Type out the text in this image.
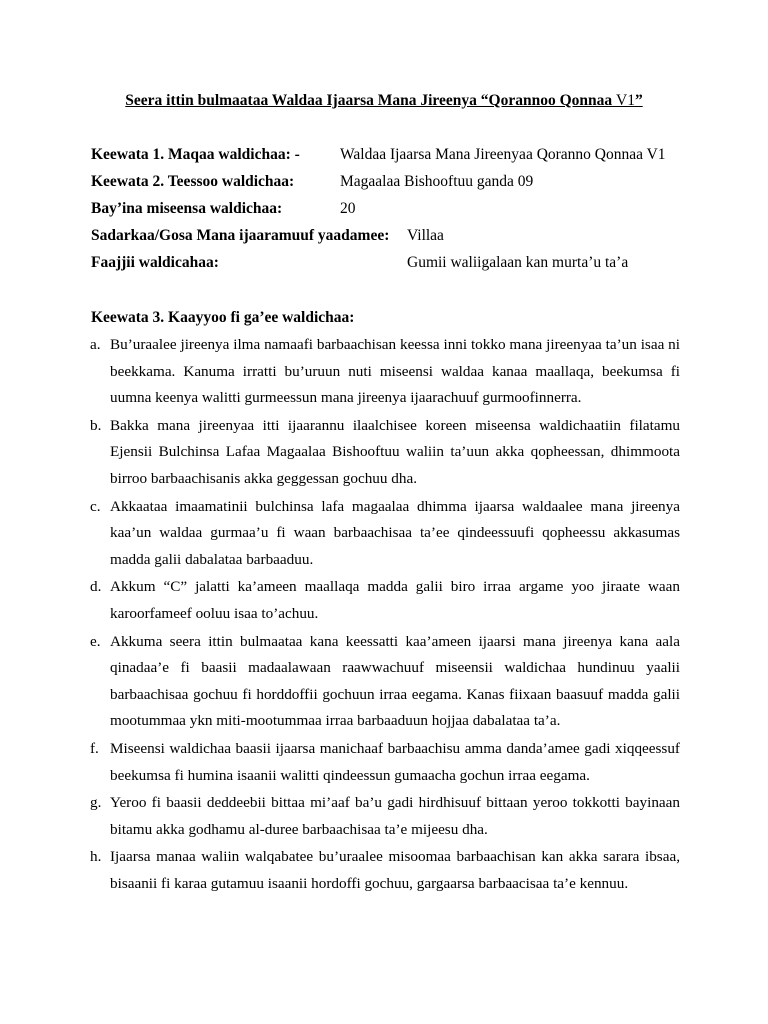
Seera ittin bulmaataa Waldaa Ijaarsa Mana Jireenya “Qorannoo Qonnaa V1”
Keewata 1. Maqaa waldichaa: -	Waldaa Ijaarsa Mana Jireenyaa Qoranno Qonnaa V1
Keewata 2. Teessoo waldichaa:	Magaalaa Bishooftuu ganda 09
Bay’ina miseensa waldichaa:	20
Sadarkaa/Gosa Mana ijaaramuuf yaadamee: Villaa
Faajjii waldicahaa:	Gumii waliigalaan kan murta’u ta’a
Keewata 3. Kaayyoo fi ga’ee waldichaa:
a. Bu’uraalee jireenya ilma namaafi barbaachisan keessa inni tokko mana jireenyaa ta’un isaa ni beekkama. Kanuma irratti bu’uruun nuti miseensi waldaa kanaa maallaqa, beekumsa fi uumna keenya walitti gurmeessun mana jireenya ijaarachuuf gurmoofinnerra.
b. Bakka mana jireenyaa itti ijaarannu ilaalchisee koreen miseensa waldichaatiin filatamu Ejensii Bulchinsa Lafaa Magaalaa Bishooftuu waliin ta’uun akka qopheessan, dhimmoota birroo barbaachisanis akka geggessan gochuu dha.
c. Akkaataa imaamatinii bulchinsa lafa magaalaa dhimma ijaarsa waldaalee mana jireenya kaa’un waldaa gurmaa’u fi waan barbaachisaa ta’ee qindeessuufi qopheessu akkasumas madda galii dabalataa barbaaduu.
d. Akkum “C” jalatti ka’ameen maallaqa madda galii biro irraa argame yoo jiraate waan karoorfameef ooluu isaa to’achuu.
e. Akkuma seera ittin bulmaataa kana keessatti kaa’ameen ijaarsi mana jireenya kana aala qinadaa’e fi baasii madaalawaan raawwachuuf miseensii waldichaa hundinuu yaalii barbaachisaa gochuu fi horddoffii gochuun irraa eegama. Kanas fiixaan baasuuf madda galii mootummaa ykn miti-mootummaa irraa barbaaduun hojjaa dabalataa ta’a.
f. Miseensi waldichaa baasii ijaarsa manichaaf barbaachisu amma danda’amee gadi xiqqeessuf beekumsa fi humina isaanii walitti qindeessun gumaacha gochun irraa eegama.
g. Yeroo fi baasii deddeebii bittaa mi’aaf ba’u gadi hirdhisuuf bittaan yeroo tokkotti bayinaan bitamu akka godhamu al-duree barbaachisaa ta’e mijeesu dha.
h. Ijaarsa manaa waliin walqabatee bu’uraalee misoomaa barbaachisan kan akka sarara ibsaa, bisaanii fi karaa gutamuu isaanii hordoffi gochuu, gargaarsa barbaacisaa ta’e kennuu.
